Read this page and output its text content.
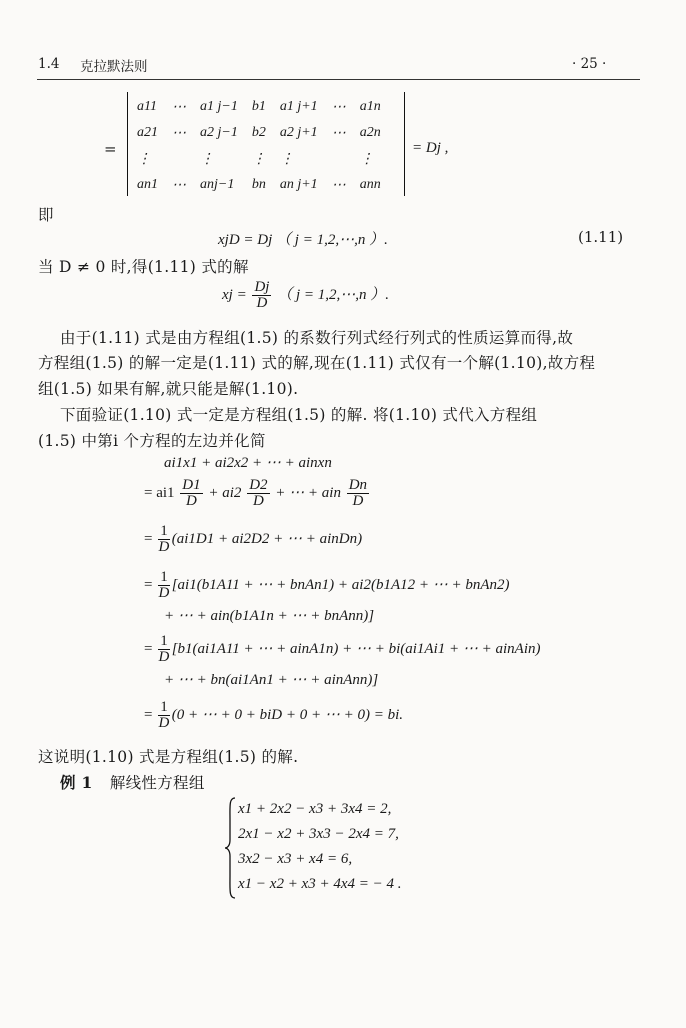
1.4 克拉默法则	· 25 ·
=
a11	⋯	a1 j−1	b1	a1 j+1	⋯	a1n
a21	⋯	a2 j−1	b2	a2 j+1	⋯	a2n
⋮		⋮	⋮	⋮		⋮
an1	⋯	anj−1	bn	an j+1	⋯	ann
= Dj ,
即
xjD = Dj （ j = 1,2,⋯,n ）.	(1.11)
当 D ≠ 0 时,得(1.11) 式的解
xj = $\frac{Dj}{D}$ （ j = 1,2,⋯,n ）.
由于(1.11) 式是由方程组(1.5) 的系数行列式经行列式的性质运算而得,故
方程组(1.5) 的解一定是(1.11) 式的解,现在(1.11) 式仅有一个解(1.10),故方程
组(1.5) 如果有解,就只能是解(1.10).
下面验证(1.10) 式一定是方程组(1.5) 的解. 将(1.10) 式代入方程组
(1.5) 中第i 个方程的左边并化简
ai1x1 + ai2x2 + ⋯ + ainxn
= $ai1 \frac{D1}{D} + ai2 \frac{D2}{D}$ + ⋯ + ain $\frac{Dn}{D}$
= $\frac{1}{D} (ai1D1 + ai2D2$ + ⋯ + ainDn)
= $\frac{1}{D} [ai1(b1A11$ + ⋯ + bnAn1) + ai2(b1A12 + ⋯ + bnAn2)
+ ⋯ + ain(b1A1n + ⋯ + bnAnn)]
= $\frac{1}{D} [b1(ai1A11$ + ⋯ + ainA1n) + ⋯ + bi(ai1Ai1 + ⋯ + ainAin)
+ ⋯ + bn(ai1An1 + ⋯ + ainAnn)]
= $\frac{1}{D} (0$ + ⋯ + 0 + biD + 0 + ⋯ + 0) = bi.
这说明(1.10) 式是方程组(1.5) 的解.
例 1 解线性方程组
x1 + 2x2 − x3 + 3x4 = 2,
2x1 − x2 + 3x3 − 2x4 = 7,
3x2 − x3 + x4 = 6,
x1 − x2 + x3 + 4x4 = − 4 .
